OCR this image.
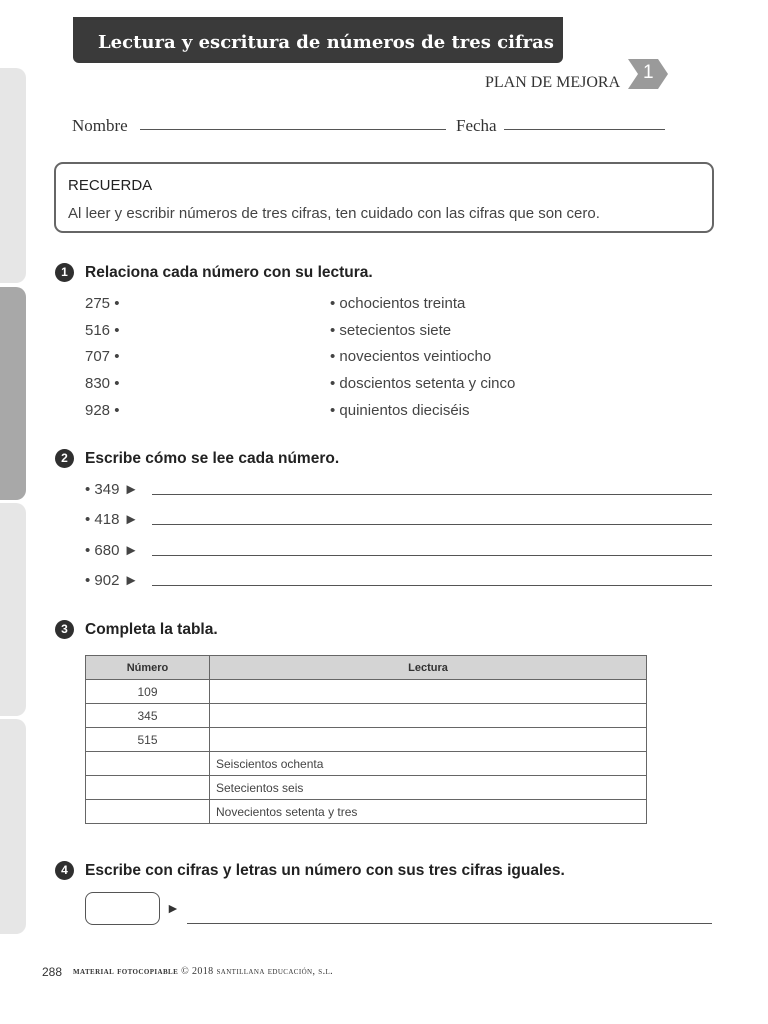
Lectura y escritura de números de tres cifras
PLAN DE MEJORA 1
Nombre	Fecha
RECUERDA
Al leer y escribir números de tres cifras, ten cuidado con las cifras que son cero.
1	Relaciona cada número con su lectura.
275 •
516 •
707 •
830 •
928 •
• ochocientos treinta
• setecientos siete
• novecientos veintiocho
• doscientos setenta y cinco
• quinientos dieciséis
2	Escribe cómo se lee cada número.
• 349 ►
• 418 ►
• 680 ►
• 902 ►
3	Completa la tabla.
Número	Lectura
109	
345	
515	
	Seiscientos ochenta
	Setecientos seis
	Novecientos setenta y tres
4	Escribe con cifras y letras un número con sus tres cifras iguales.
►
288 material fotocopiable © 2018 santillana educación, s.l.
